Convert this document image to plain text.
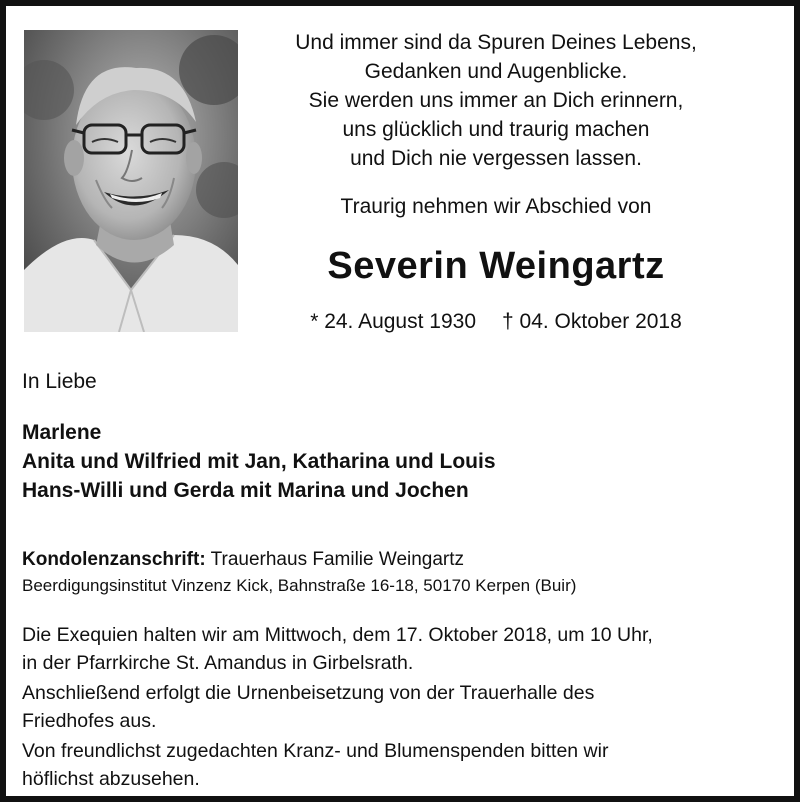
Und immer sind da Spuren Deines Lebens,
Gedanken und Augenblicke.
Sie werden uns immer an Dich erinnern,
uns glücklich und traurig machen
und Dich nie vergessen lassen.
Traurig nehmen wir Abschied von
Severin Weingartz
* 24. August 1930 † 04. Oktober 2018
In Liebe
Marlene
Anita und Wilfried mit Jan, Katharina und Louis
Hans-Willi und Gerda mit Marina und Jochen
Kondolenzanschrift: Trauerhaus Familie Weingartz
Beerdigungsinstitut Vinzenz Kick, Bahnstraße 16-18, 50170 Kerpen (Buir)

Die Exequien halten wir am Mittwoch, dem 17. Oktober 2018, um 10 Uhr,
in der Pfarrkirche St. Amandus in Girbelsrath.

Anschließend erfolgt die Urnenbeisetzung von der Trauerhalle des
Friedhofes aus.

Von freundlichst zugedachten Kranz- und Blumenspenden bitten wir
höflichst abzusehen.
